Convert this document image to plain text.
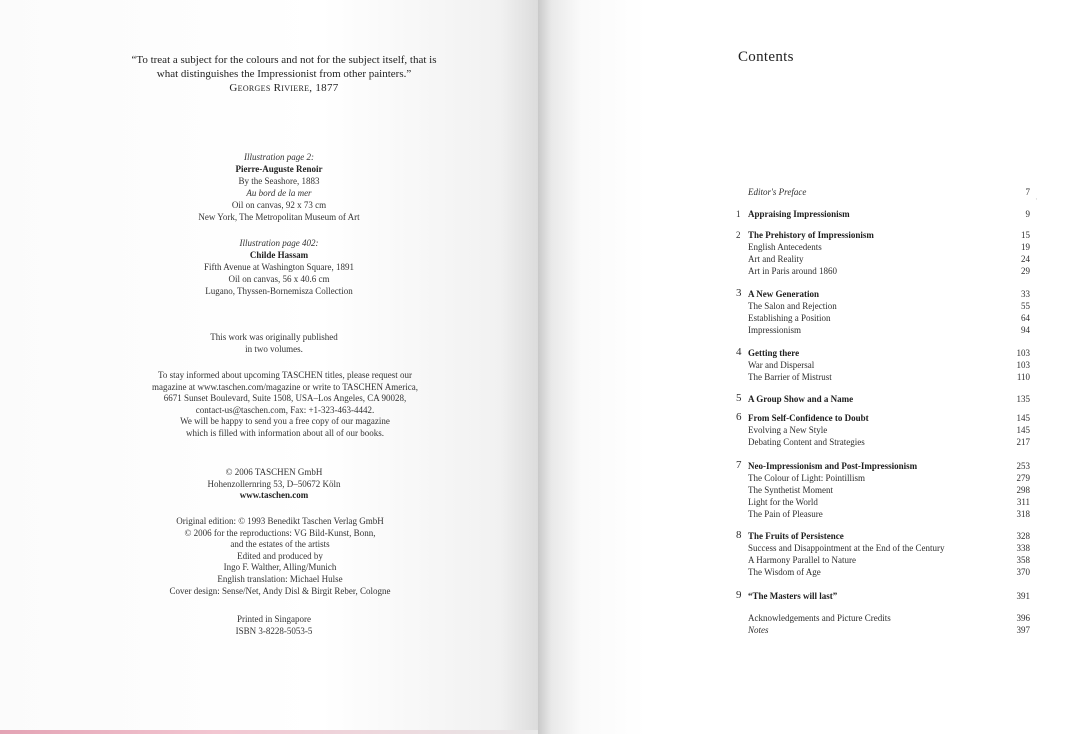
“To treat a subject for the colours and not for the subject itself, that is
what distinguishes the Impressionist from other painters.”
Georges Riviere, 1877
Illustration page 2:
Pierre-Auguste Renoir
By the Seashore, 1883
Au bord de la mer
Oil on canvas, 92 x 73 cm
New York, The Metropolitan Museum of Art
Illustration page 402:
Childe Hassam
Fifth Avenue at Washington Square, 1891
Oil on canvas, 56 x 40.6 cm
Lugano, Thyssen-Bornemisza Collection
This work was originally published
in two volumes.
To stay informed about upcoming TASCHEN titles, please request our
magazine at www.taschen.com/magazine or write to TASCHEN America,
6671 Sunset Boulevard, Suite 1508, USA–Los Angeles, CA 90028,
contact-us@taschen.com, Fax: +1-323-463-4442.
We will be happy to send you a free copy of our magazine
which is filled with information about all of our books.
© 2006 TASCHEN GmbH
Hohenzollernring 53, D–50672 Köln
www.taschen.com
Original edition: © 1993 Benedikt Taschen Verlag GmbH
© 2006 for the reproductions: VG Bild-Kunst, Bonn,
and the estates of the artists
Edited and produced by
Ingo F. Walther, Alling/Munich
English translation: Michael Hulse
Cover design: Sense/Net, Andy Disl & Birgit Reber, Cologne
Printed in Singapore
ISBN 3-8228-5053-5
Contents
Editor's Preface	7
1 Appraising Impressionism	9
2 The Prehistory of Impressionism	15
English Antecedents	19
Art and Reality	24
Art in Paris around 1860	29
3 A New Generation	33
The Salon and Rejection	55
Establishing a Position	64
Impressionism	94
4 Getting there	103
War and Dispersal	103
The Barrier of Mistrust	110
5 A Group Show and a Name	135
6 From Self-Confidence to Doubt	145
Evolving a New Style	145
Debating Content and Strategies	217
7 Neo-Impressionism and Post-Impressionism	253
The Colour of Light: Pointillism	279
The Synthetist Moment	298
Light for the World	311
The Pain of Pleasure	318
8 The Fruits of Persistence	328
Success and Disappointment at the End of the Century	338
A Harmony Parallel to Nature	358
The Wisdom of Age	370
9 “The Masters will last”	391
Acknowledgements and Picture Credits	396
Notes	397
·
